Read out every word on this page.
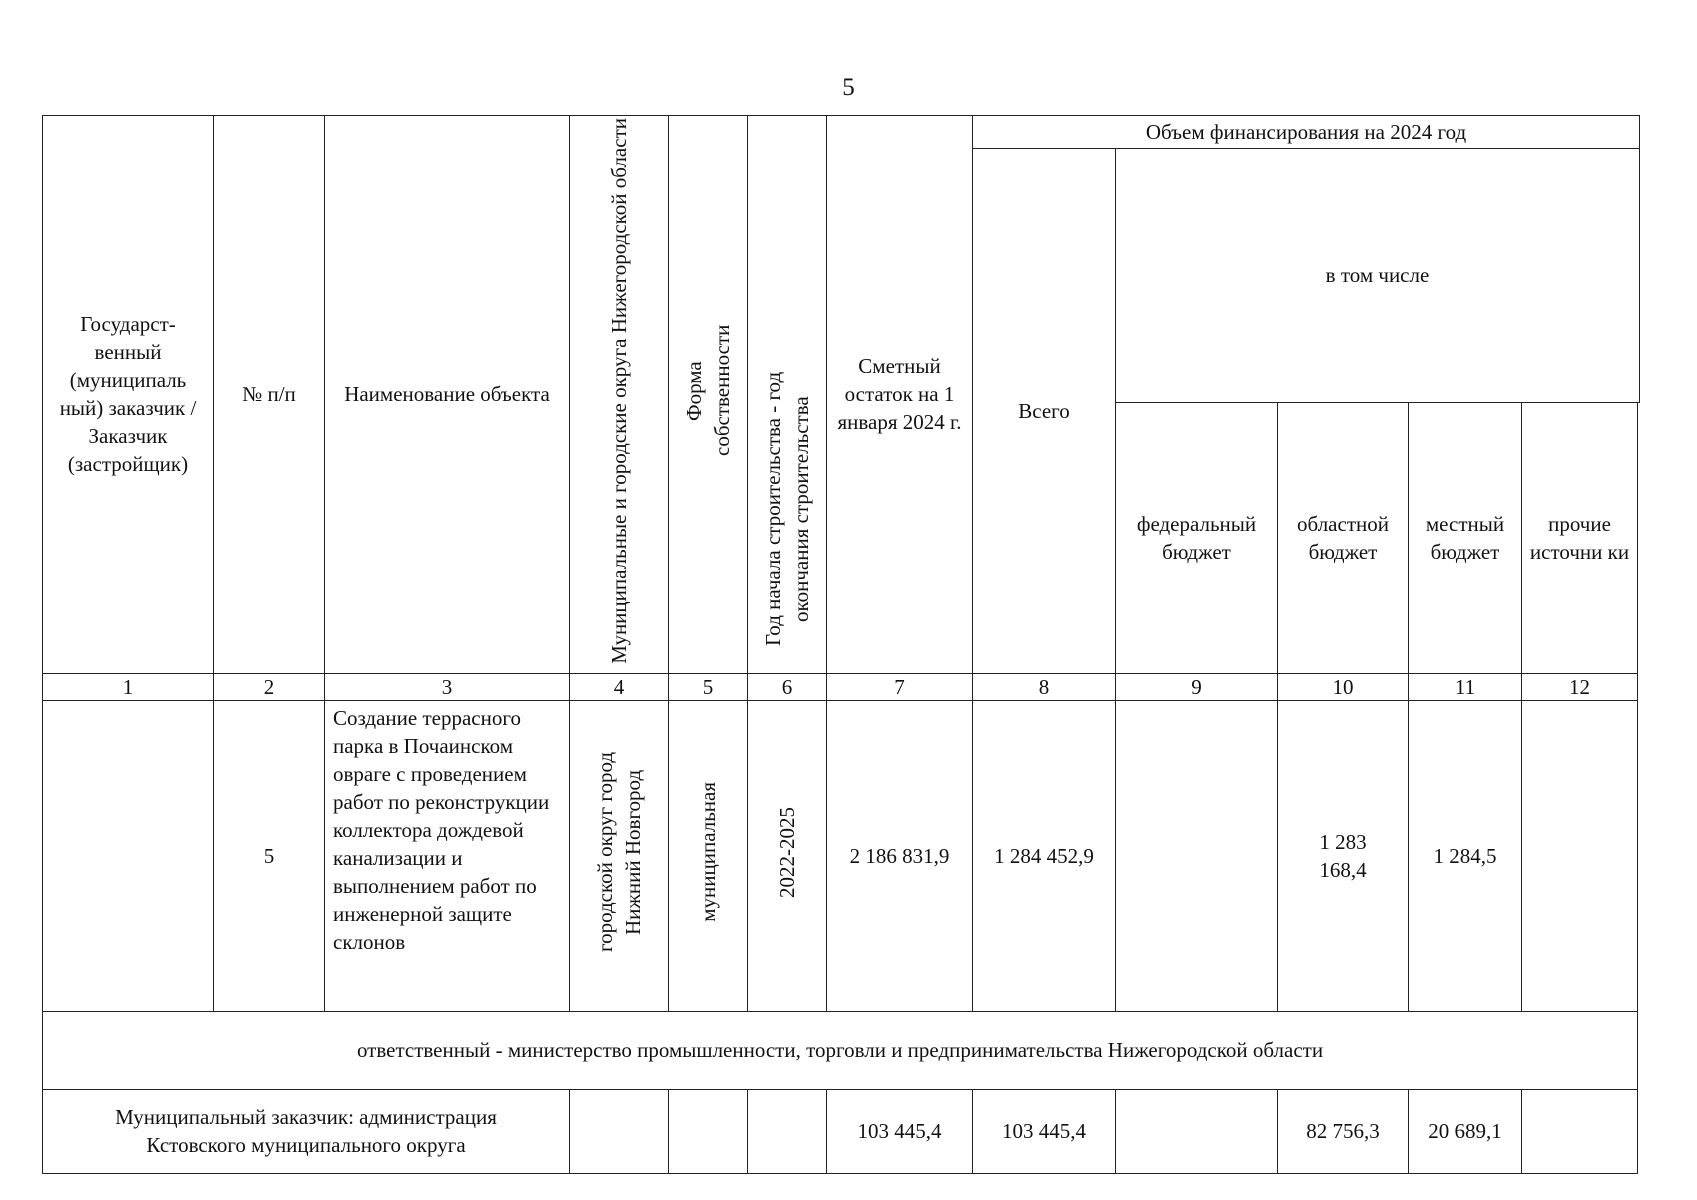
5
Государст-венный (муниципаль ный) заказчик / Заказчик (застройщик)	№ п/п	Наименование объекта	Муниципальные и городские округа Нижегородской области	Форма собственности	Год начала строительства - год окончания строительства	Сметный остаток на 1 января 2024 г.	Объем финансирования на 2024 год				
							Всего	в том числе			
								федеральный бюджет	областной бюджет	местный бюджет	прочие источни ки
1	2	3	4	5	6	7	8	9	10	11	12
	5	Создание террасного парка в Почаинском овраге с проведением работ по реконструкции коллектора дождевой канализации и выполнением работ по инженерной защите склонов	городской округ город Нижний Новгород	муниципальная	2022-2025	2 186 831,9	1 284 452,9		1 283 168,4	1 284,5	
ответственный - министерство промышленности, торговли и предпринимательства Нижегородской области											
Муниципальный заказчик: администрация Кстовского муниципального округа						103 445,4	103 445,4		82 756,3	20 689,1	
